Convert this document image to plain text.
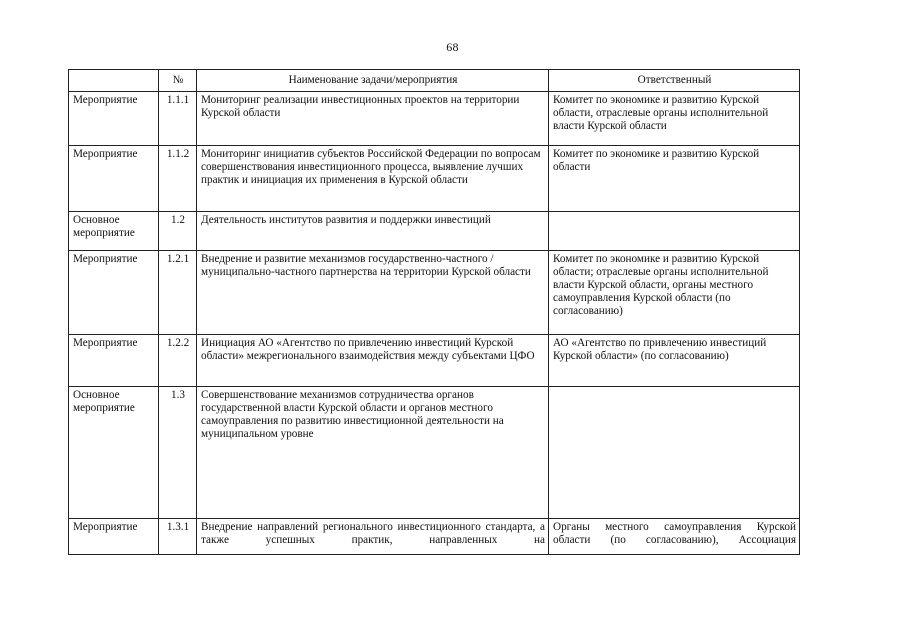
68
	№	Наименование задачи/мероприятия	Ответственный
Мероприятие	1.1.1	Мониторинг реализации инвестиционных проектов на территории Курской области	Комитет по экономике и развитию Курской области, отраслевые органы исполнительной власти Курской области
Мероприятие	1.1.2	Мониторинг инициатив субъектов Российской Федерации по вопросам совершенствования инвестиционного процесса, выявление лучших практик и инициация их применения в Курской области	Комитет по экономике и развитию Курской области
Основное мероприятие	1.2	Деятельность институтов развития и поддержки инвестиций	
Мероприятие	1.2.1	Внедрение и развитие механизмов государственно-частного / муниципально-частного партнерства на территории Курской области	Комитет по экономике и развитию Курской области; отраслевые органы исполнительной власти Курской области, органы местного самоуправления Курской области (по согласованию)
Мероприятие	1.2.2	Инициация АО «Агентство по привлечению инвестиций Курской области» межрегионального взаимодействия между субъектами ЦФО	АО «Агентство по привлечению инвестиций Курской области» (по согласованию)
Основное мероприятие	1.3	Совершенствование механизмов сотрудничества органов государственной власти Курской области и органов местного самоуправления по развитию инвестиционной деятельности на муниципальном уровне	
Мероприятие	1.3.1	Внедрение направлений регионального инвестиционного стандарта, а также успешных практик, направленных на	Органы местного самоуправления Курской области (по согласованию), Ассоциация
